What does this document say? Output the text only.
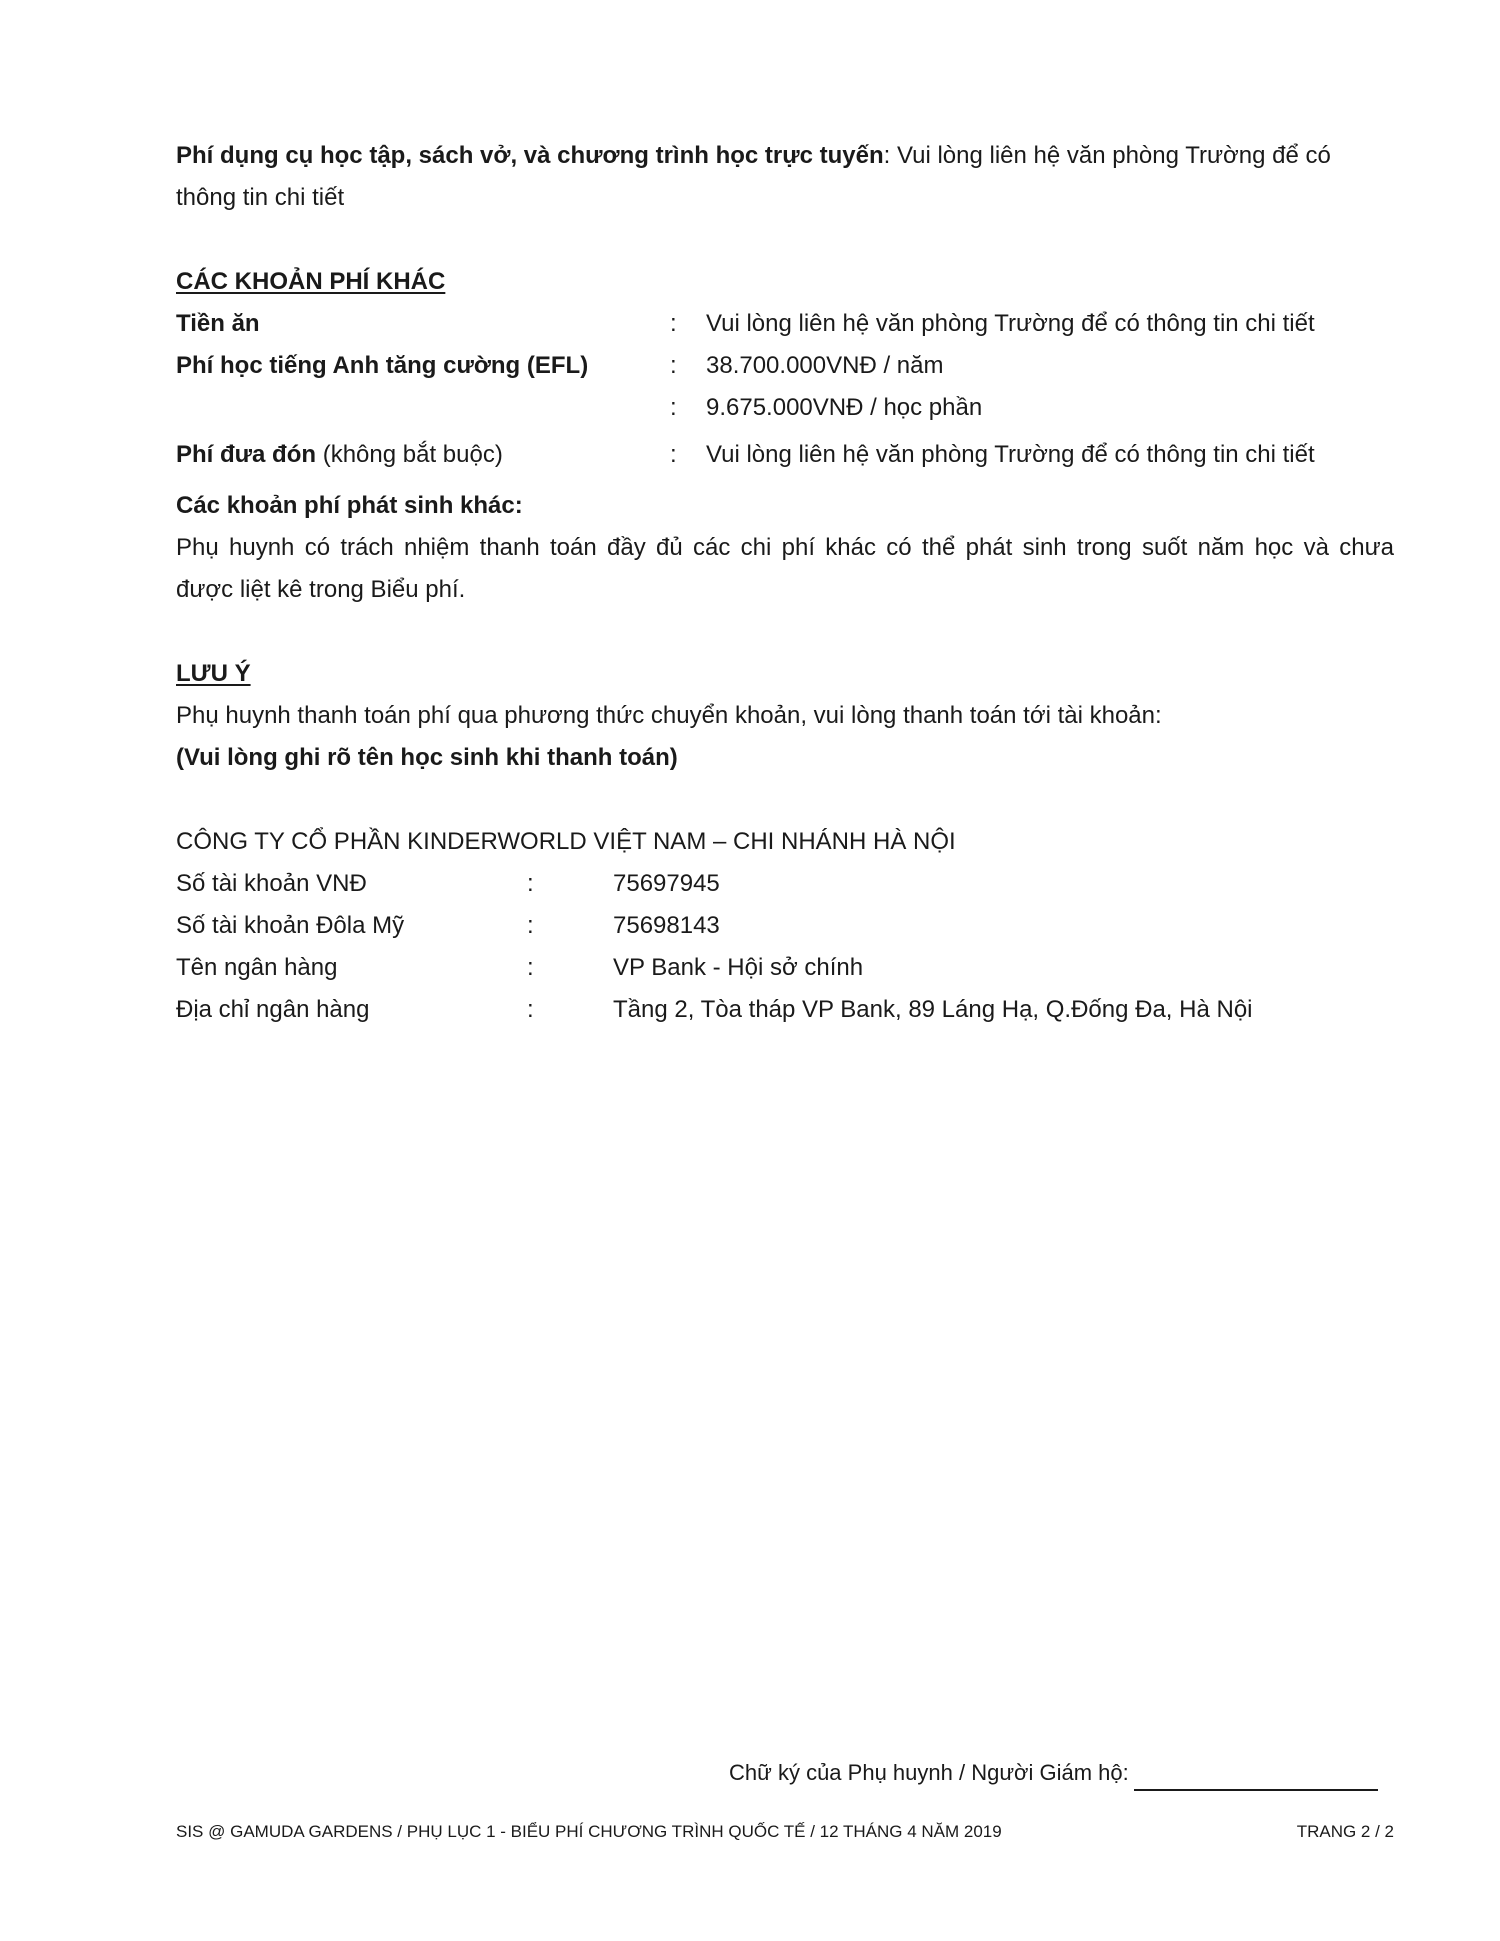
Phí dụng cụ học tập, sách vở, và chương trình học trực tuyến: Vui lòng liên hệ văn phòng Trường để có
thông tin chi tiết
CÁC KHOẢN PHÍ KHÁC
Tiền ăn	: Vui lòng liên hệ văn phòng Trường để có thông tin chi tiết
Phí học tiếng Anh tăng cường (EFL)	: 38.700.000VNĐ / năm
: 9.675.000VNĐ / học phần
Phí đưa đón (không bắt buộc)	: Vui lòng liên hệ văn phòng Trường để có thông tin chi tiết
Các khoản phí phát sinh khác:
Phụ huynh có trách nhiệm thanh toán đầy đủ các chi phí khác có thể phát sinh trong suốt năm học và chưa
được liệt kê trong Biểu phí.
LƯU Ý
Phụ huynh thanh toán phí qua phương thức chuyển khoản, vui lòng thanh toán tới tài khoản:
(Vui lòng ghi rõ tên học sinh khi thanh toán)
CÔNG TY CỔ PHẦN KINDERWORLD VIỆT NAM – CHI NHÁNH HÀ NỘI
Số tài khoản VNĐ	:	75697945
Số tài khoản Đôla Mỹ	:	75698143
Tên ngân hàng	:	VP Bank - Hội sở chính
Địa chỉ ngân hàng	:	Tầng 2, Tòa tháp VP Bank, 89 Láng Hạ, Q.Đống Đa, Hà Nội
Chữ ký của Phụ huynh / Người Giám hộ:
SIS @ GAMUDA GARDENS / PHỤ LỤC 1 - BIỂU PHÍ CHƯƠNG TRÌNH QUỐC TẾ / 12 THÁNG 4 NĂM 2019	TRANG 2 / 2
